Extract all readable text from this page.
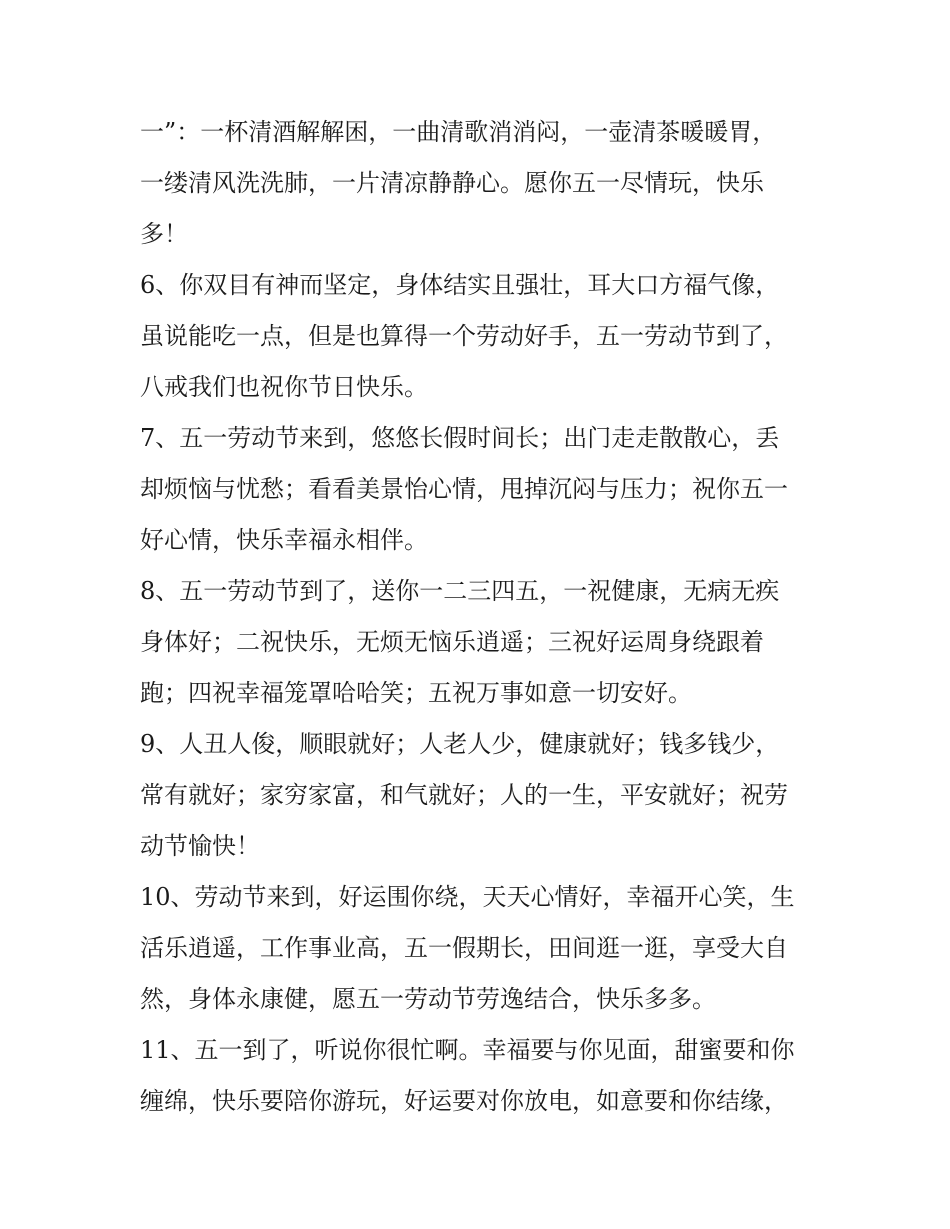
一”：一杯清酒解解困，一曲清歌消消闷，一壶清茶暖暖胃，
一缕清风洗洗肺，一片清凉静静心。愿你五一尽情玩，快乐
多！
6、你双目有神而坚定，身体结实且强壮，耳大口方福气像，
虽说能吃一点，但是也算得一个劳动好手，五一劳动节到了，
八戒我们也祝你节日快乐。
7、五一劳动节来到，悠悠长假时间长；出门走走散散心，丢
却烦恼与忧愁；看看美景怡心情，甩掉沉闷与压力；祝你五一
好心情，快乐幸福永相伴。
8、五一劳动节到了，送你一二三四五，一祝健康，无病无疾
身体好；二祝快乐，无烦无恼乐逍遥；三祝好运周身绕跟着
跑；四祝幸福笼罩哈哈笑；五祝万事如意一切安好。
9、人丑人俊，顺眼就好；人老人少，健康就好；钱多钱少，
常有就好；家穷家富，和气就好；人的一生，平安就好；祝劳
动节愉快！
10、劳动节来到，好运围你绕，天天心情好，幸福开心笑，生
活乐逍遥，工作事业高，五一假期长，田间逛一逛，享受大自
然，身体永康健，愿五一劳动节劳逸结合，快乐多多。
11、五一到了，听说你很忙啊。幸福要与你见面，甜蜜要和你
缠绵，快乐要陪你游玩，好运要对你放电，如意要和你结缘，
